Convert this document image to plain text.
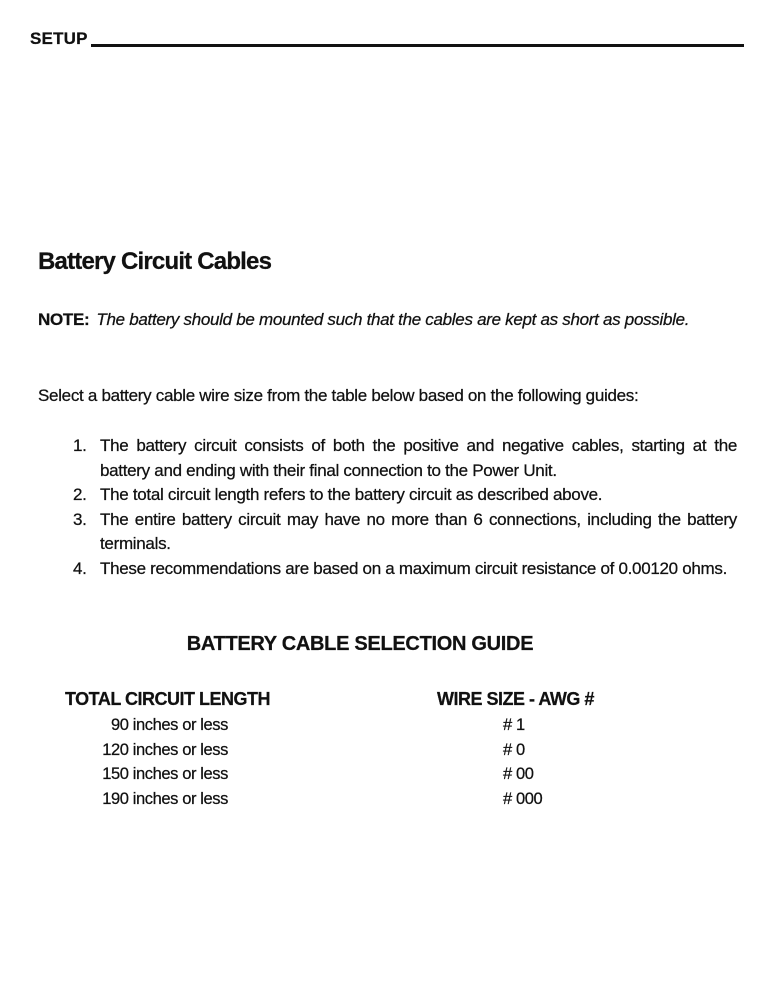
SETUP
Battery Circuit Cables

NOTE: The battery should be mounted such that the cables are kept as short as possible.

Select a battery cable wire size from the table below based on the following guides:

1. The battery circuit consists of both the positive and negative cables, starting at the battery and ending with their final connection to the Power Unit.
2. The total circuit length refers to the battery circuit as described above.
3. The entire battery circuit may have no more than 6 connections, including the battery terminals.
4. These recommendations are based on a maximum circuit resistance of 0.00120 ohms.
BATTERY CABLE SELECTION GUIDE
TOTAL CIRCUIT LENGTH	WIRE SIZE - AWG #
90 inches or less	# 1
120 inches or less	# 0
150 inches or less	# 00
190 inches or less	# 000
